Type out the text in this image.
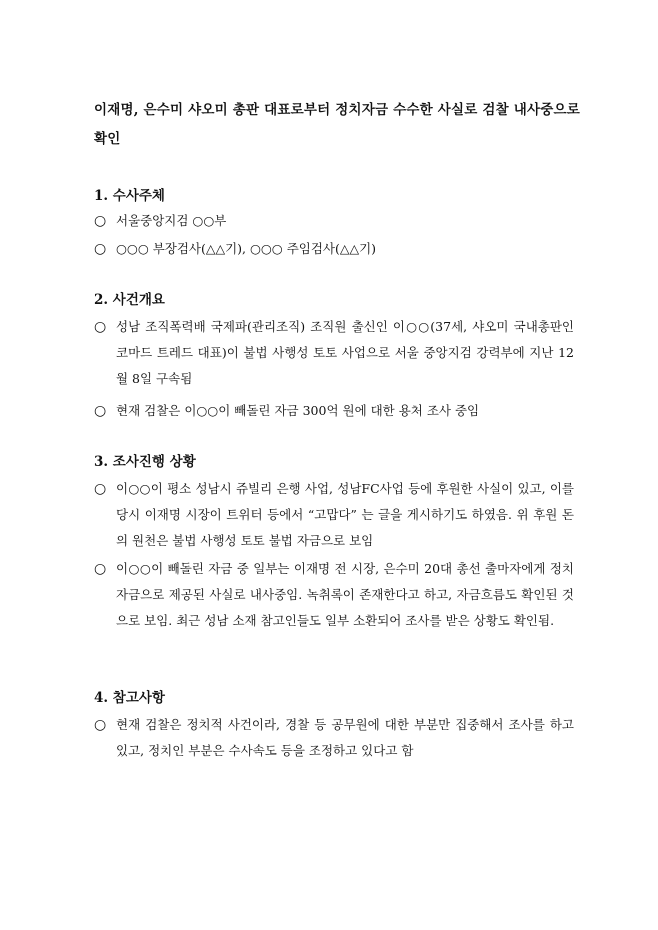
이재명, 은수미 샤오미 총판 대표로부터 정치자금 수수한 사실로 검찰 내사중으로 확인
1. 수사주체
○ 서울중앙지검 ○○부
○ ○○○ 부장검사(△△기), ○○○ 주임검사(△△기)
2. 사건개요
○ 성남 조직폭력배 국제파(관리조직) 조직원 출신인 이○○(37세, 샤오미 국내총판인 코마드 트레드 대표)이 불법 사행성 토토 사업으로 서울 중앙지검 강력부에 지난 12월 8일 구속됨
○ 현재 검찰은 이○○이 빼돌린 자금 300억 원에 대한 용처 조사 중임
3. 조사진행 상황
○ 이○○이 평소 성남시 쥬빌리 은행 사업, 성남FC사업 등에 후원한 사실이 있고, 이를 당시 이재명 시장이 트위터 등에서 “고맙다” 는 글을 게시하기도 하였음. 위 후원 돈의 원천은 불법 사행성 토토 불법 자금으로 보임
○ 이○○이 빼돌린 자금 중 일부는 이재명 전 시장, 은수미 20대 총선 출마자에게 정치자금으로 제공된 사실로 내사중임. 녹취록이 존재한다고 하고, 자금흐름도 확인된 것으로 보임. 최근 성남 소재 참고인들도 일부 소환되어 조사를 받은 상황도 확인됨.
4. 참고사항
○ 현재 검찰은 정치적 사건이라, 경찰 등 공무원에 대한 부분만 집중해서 조사를 하고 있고, 정치인 부분은 수사속도 등을 조정하고 있다고 함
